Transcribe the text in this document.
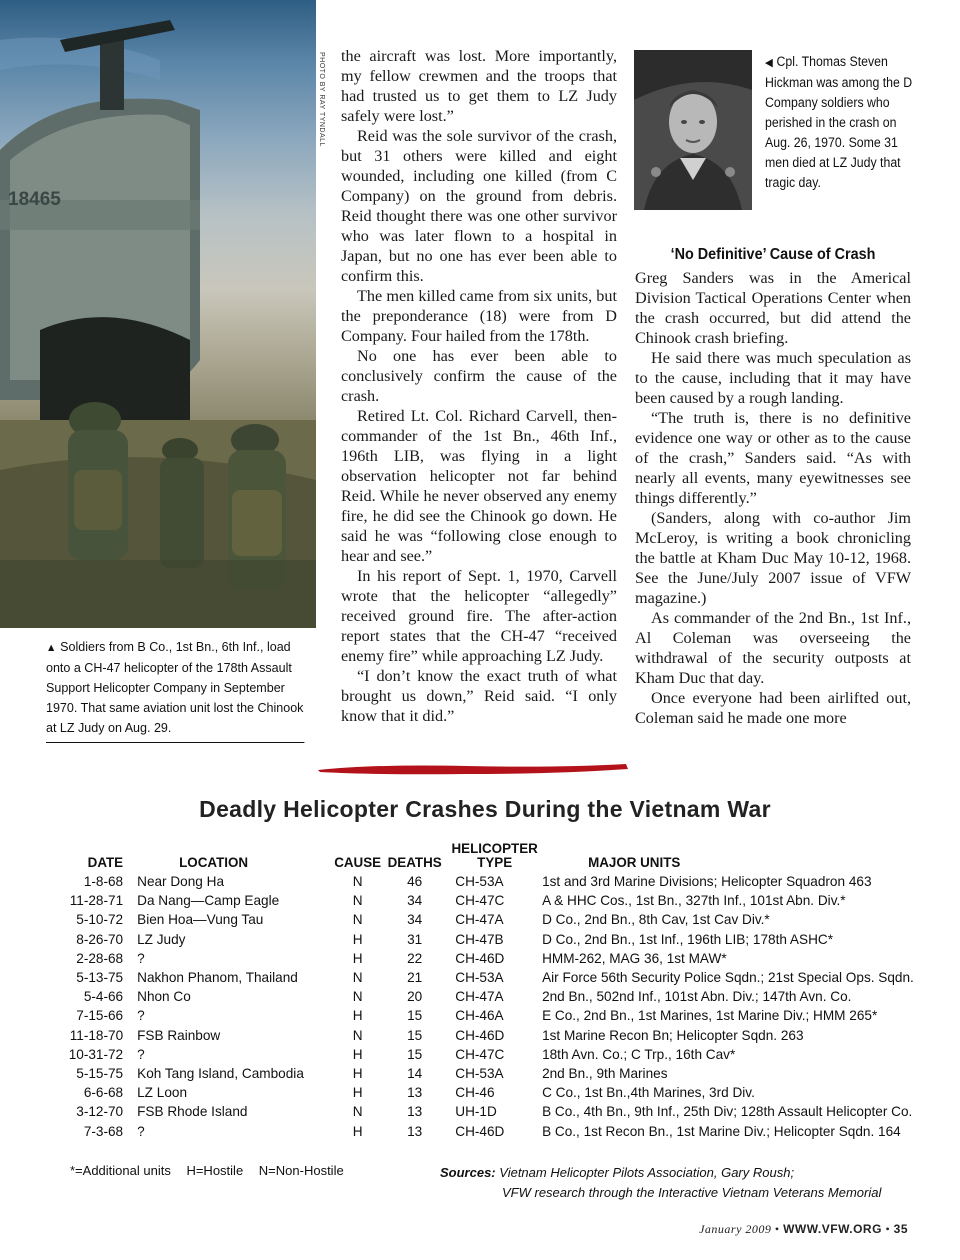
18465
PHOTO BY RAY TYNDALL
▲ Soldiers from B Co., 1st Bn., 6th Inf., load onto a CH-47 helicopter of the 178th Assault Support Helicopter Company in September 1970. That same aviation unit lost the Chinook at LZ Judy on Aug. 29.

the aircraft was lost. More importantly, my fellow crewmen and the troops that had trusted us to get them to LZ Judy safely were lost.”

Reid was the sole survivor of the crash, but 31 others were killed and eight wounded, including one killed (from C Company) on the ground from debris. Reid thought there was one other survivor who was later flown to a hospital in Japan, but no one has ever been able to confirm this.

The men killed came from six units, but the preponderance (18) were from D Company. Four hailed from the 178th.

No one has ever been able to conclusively confirm the cause of the crash.

Retired Lt. Col. Richard Carvell, then-commander of the 1st Bn., 46th Inf., 196th LIB, was flying in a light observation helicopter not far behind Reid. While he never observed any enemy fire, he did see the Chinook go down. He said he was “following close enough to hear and see.”

In his report of Sept. 1, 1970, Carvell wrote that the helicopter “allegedly” received ground fire. The after-action report states that the CH-47 “received enemy fire” while approaching LZ Judy.

“I don’t know the exact truth of what brought us down,” Reid said. “I only know that it did.”

◀ Cpl. Thomas Steven Hickman was among the D Company soldiers who perished in the crash on Aug. 26, 1970. Some 31 men died at LZ Judy that tragic day.
‘No Definitive’ Cause of Crash

Greg Sanders was in the Americal Division Tactical Operations Center when the crash occurred, but did attend the Chinook crash briefing.

He said there was much speculation as to the cause, including that it may have been caused by a rough landing.

“The truth is, there is no definitive evidence one way or other as to the cause of the crash,” Sanders said. “As with nearly all events, many eyewitnesses see things differently.”

(Sanders, along with co-author Jim McLeroy, is writing a book chronicling the battle at Kham Duc May 10-12, 1968. See the June/July 2007 issue of VFW magazine.)

As commander of the 2nd Bn., 1st Inf., Al Coleman was overseeing the withdrawal of the security outposts at Kham Duc that day.

Once everyone had been airlifted out, Coleman said he made one more

Deadly Helicopter Crashes During the Vietnam War
DATE	LOCATION	CAUSE	DEATHS	HELICOPTER
TYPE	MAJOR UNITS
1-8-68	Near Dong Ha	N	46	CH-53A	1st and 3rd Marine Divisions; Helicopter Squadron 463
11-28-71	Da Nang—Camp Eagle	N	34	CH-47C	A & HHC Cos., 1st Bn., 327th Inf., 101st Abn. Div.*
5-10-72	Bien Hoa—Vung Tau	N	34	CH-47A	D Co., 2nd Bn., 8th Cav, 1st Cav Div.*
8-26-70	LZ Judy	H	31	CH-47B	D Co., 2nd Bn., 1st Inf., 196th LIB; 178th ASHC*
2-28-68	?	H	22	CH-46D	HMM-262, MAG 36, 1st MAW*
5-13-75	Nakhon Phanom, Thailand	N	21	CH-53A	Air Force 56th Security Police Sqdn.; 21st Special Ops. Sqdn.
5-4-66	Nhon Co	N	20	CH-47A	2nd Bn., 502nd Inf., 101st Abn. Div.; 147th Avn. Co.
7-15-66	?	H	15	CH-46A	E Co., 2nd Bn., 1st Marines, 1st Marine Div.; HMM 265*
11-18-70	FSB Rainbow	N	15	CH-46D	1st Marine Recon Bn; Helicopter Sqdn. 263
10-31-72	?	H	15	CH-47C	18th Avn. Co.; C Trp., 16th Cav*
5-15-75	Koh Tang Island, Cambodia	H	14	CH-53A	2nd Bn., 9th Marines
6-6-68	LZ Loon	H	13	CH-46	C Co., 1st Bn.,4th Marines, 3rd Div.
3-12-70	FSB Rhode Island	N	13	UH-1D	B Co., 4th Bn., 9th Inf., 25th Div; 128th Assault Helicopter Co.
7-3-68	?	H	13	CH-46D	B Co., 1st Recon Bn., 1st Marine Div.; Helicopter Sqdn. 164
*=Additional units H=Hostile N=Non-Hostile	Sources: Vietnam Helicopter Pilots Association, Gary Roush;
VFW research through the Interactive Vietnam Veterans Memorial
January 2009 • WWW.VFW.ORG • 35
